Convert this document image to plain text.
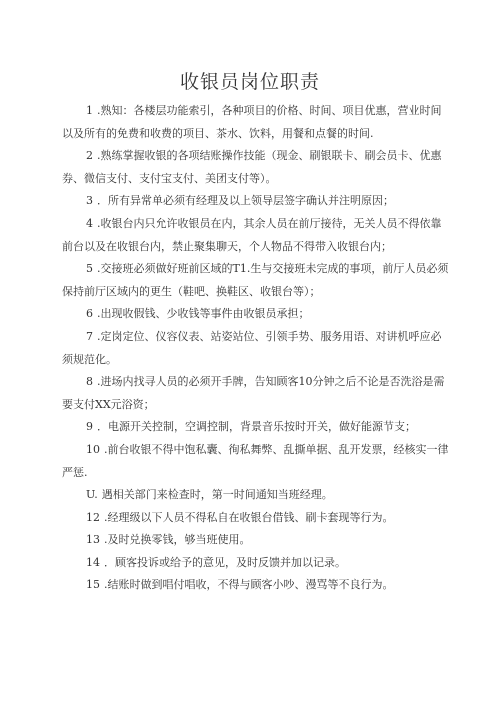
收银员岗位职责

1 .熟知：各楼层功能索引，各种项目的价格、时间、项目优惠，营业时间以及所有的免费和收费的项目、茶水、饮料，用餐和点餐的时间.

2 .熟练掌握收银的各项结账操作技能（现金、刷银联卡、刷会员卡、优惠券、微信支付、支付宝支付、美团支付等）。

3 ．所有异常单必须有经理及以上领导层签字确认并注明原因；

4 .收银台内只允许收银员在内，其余人员在前厅接待，无关人员不得依靠前台以及在收银台内，禁止聚集聊天，个人物品不得带入收银台内；

5 .交接班必须做好班前区域的T1.生与交接班未完成的事项，前厅人员必须保持前厅区域内的更生（鞋吧、换鞋区、收银台等）；

6 .出现收假钱、少收钱等事件由收银员承担；

7 .定岗定位、仪容仪表、站姿站位、引领手势、服务用语、对讲机呼应必须规范化。

8 .进场内找寻人员的必须开手牌，告知顾客10分钟之后不论是否洗浴是需要支付XX元浴资；

9 ．电源开关控制，空调控制，背景音乐按时开关，做好能源节支；

10 .前台收银不得中饱私囊、徇私舞弊、乱撕单据、乱开发票，经核实一律严惩.

U. 遇相关部门来检查时，第一时间通知当班经理。

12 .经理级以下人员不得私自在收银台借钱、刷卡套现等行为。

13 .及时兑换零钱，够当班使用。

14 ．顾客投诉或给予的意见，及时反馈并加以记录。

15 .结账时做到唱付唱收，不得与顾客小吵、漫骂等不良行为。
